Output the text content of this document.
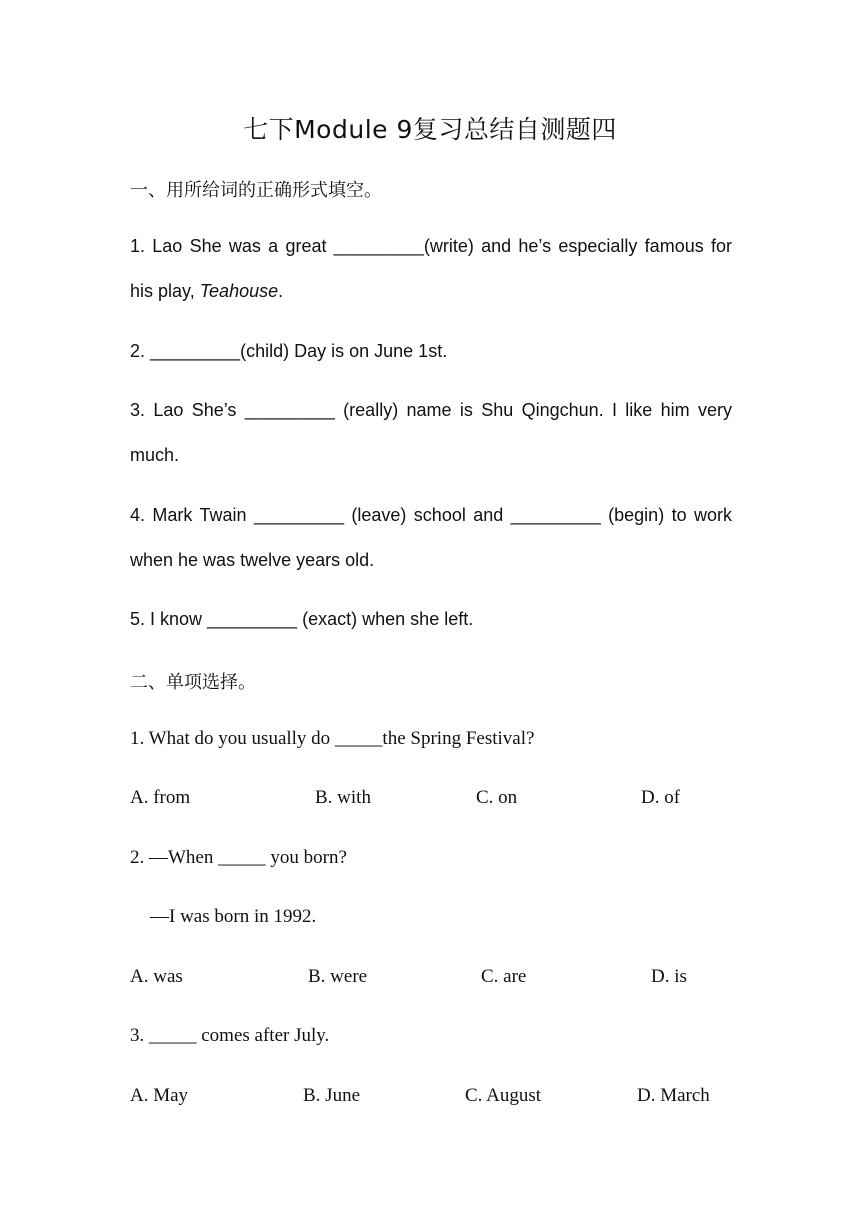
七下Module 9复习总结自测题四
一、用所给词的正确形式填空。
1. Lao She was a great _________(write) and he’s especially famous for
his play, Teahouse.
2. _________(child) Day is on June 1st.
3. Lao She’s _________ (really) name is Shu Qingchun. I like him very
much.
4. Mark Twain _________ (leave) school and _________ (begin) to work
when he was twelve years old.
5. I know _________ (exact) when she left.
二、单项选择。
1. What do you usually do _____the Spring Festival?
A. from	B. with	C. on	D. of
2. —When _____ you born?
—I was born in 1992.
A. was	B. were	C. are	D. is
3. _____ comes after July.
A. May	B. June	C. August	D. March
